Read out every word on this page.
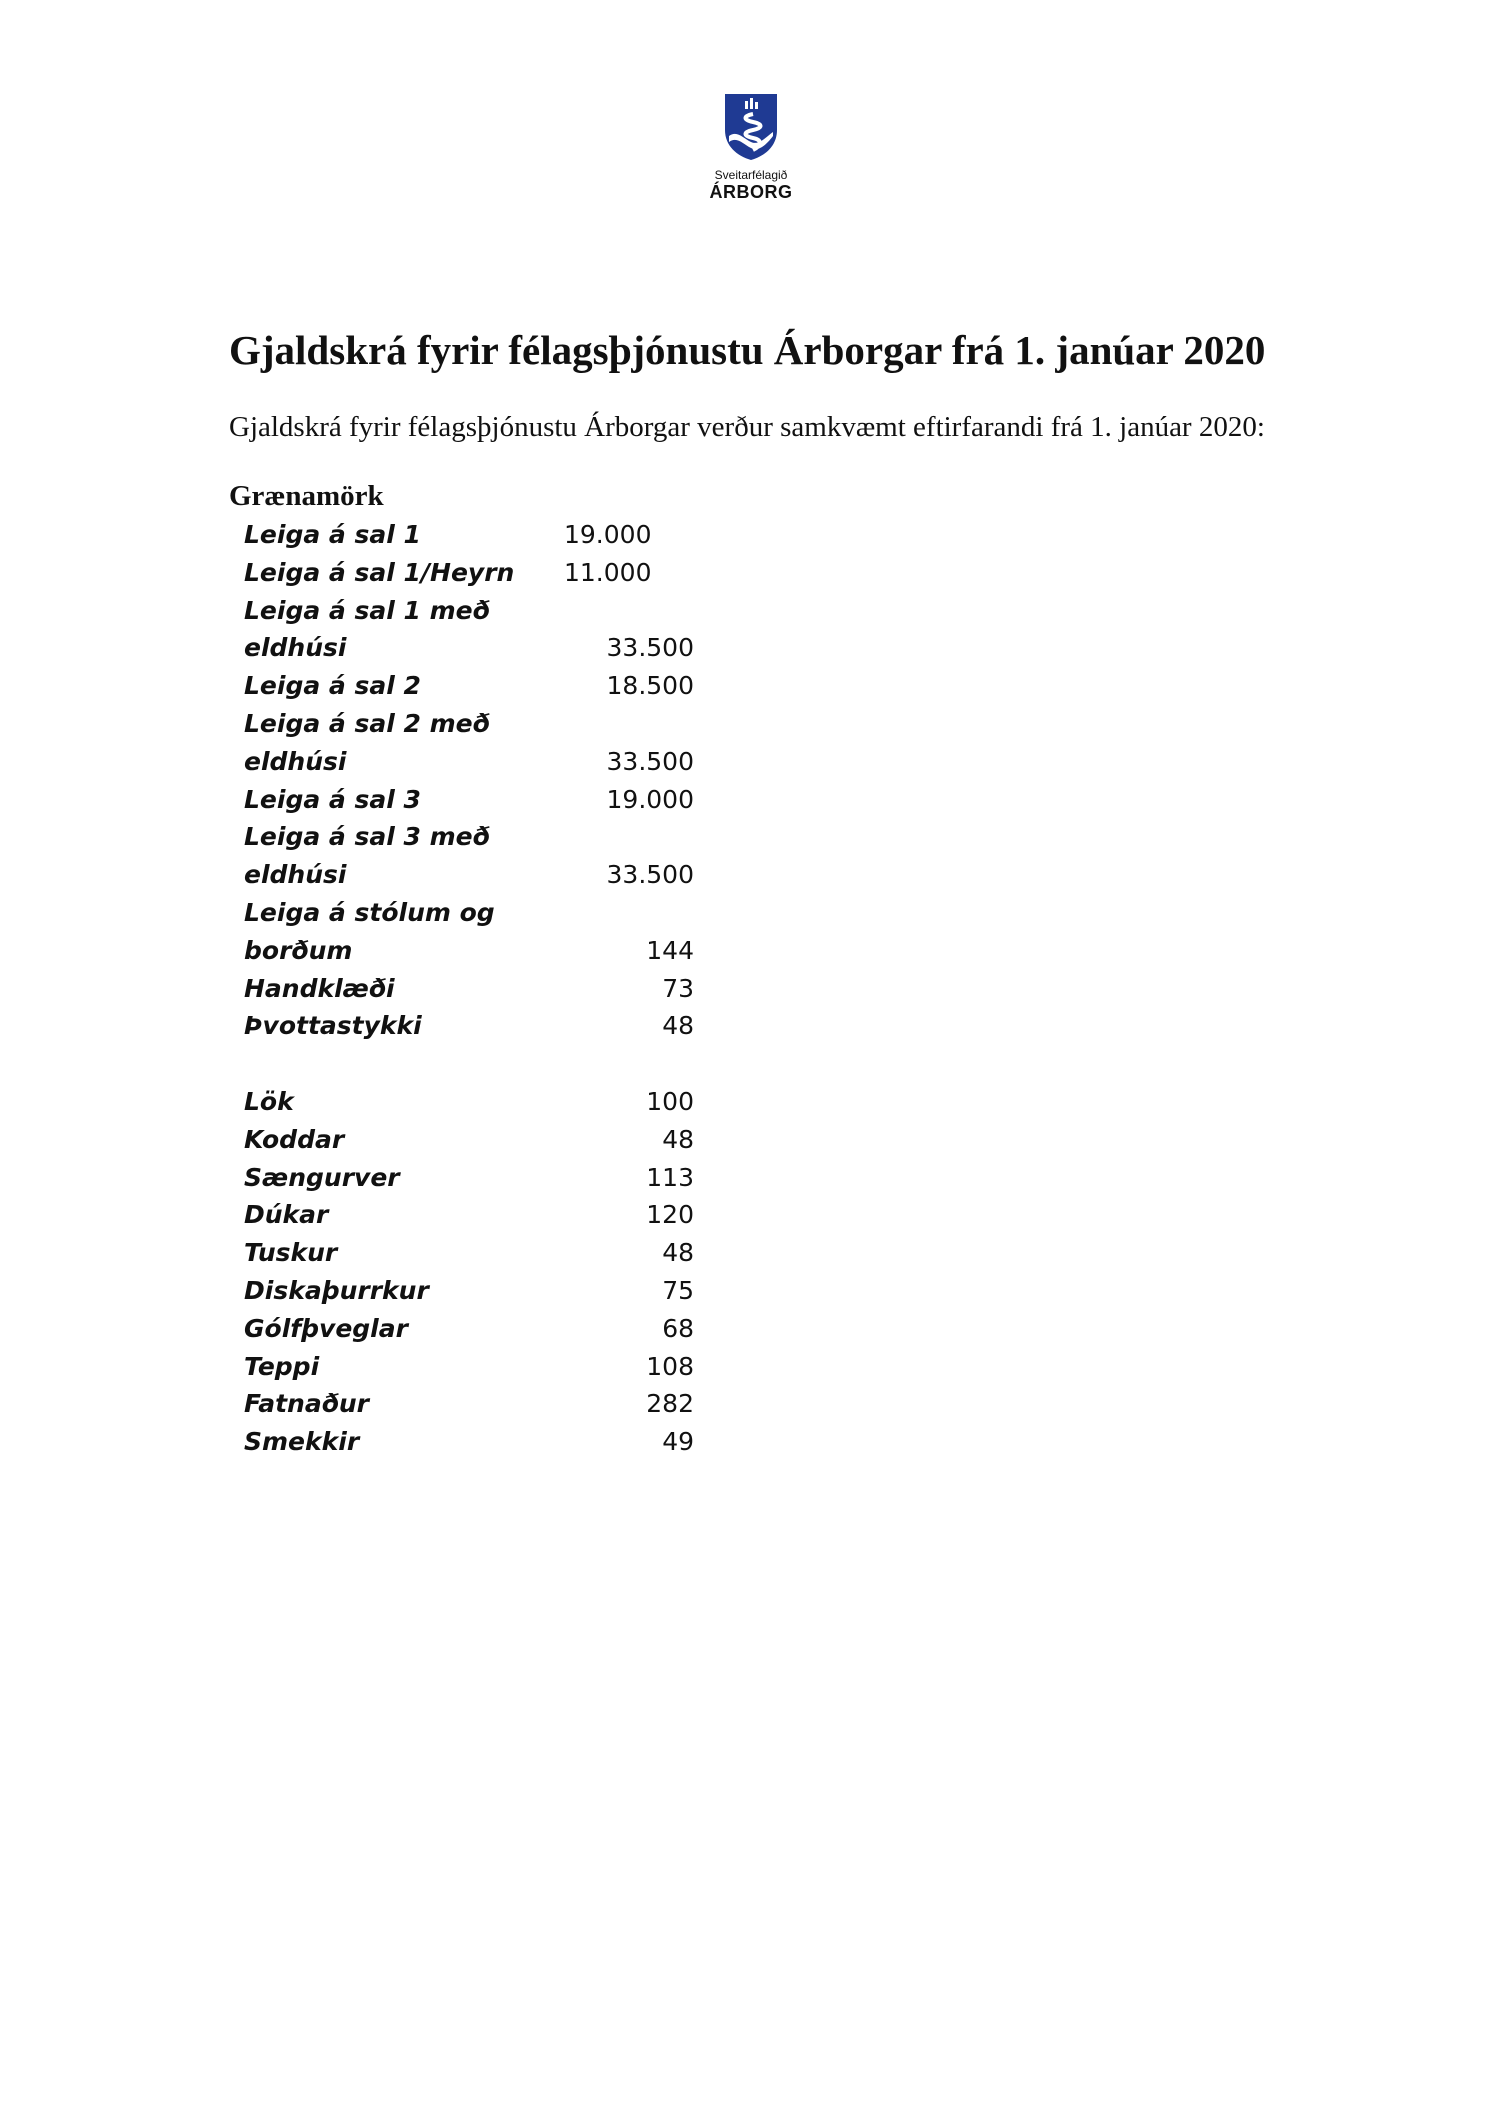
Sveitarfélagið
ÁRBORG
Gjaldskrá fyrir félagsþjónustu Árborgar frá 1. janúar 2020

Gjaldskrá fyrir félagsþjónustu Árborgar verður samkvæmt eftirfarandi frá 1. janúar 2020:

Grænamörk
Leiga á sal 1	19.000
Leiga á sal 1/Heyrn	11.000
Leiga á sal 1 með
eldhúsi	33.500
Leiga á sal 2	18.500
Leiga á sal 2 með
eldhúsi	33.500
Leiga á sal 3	19.000
Leiga á sal 3 með
eldhúsi	33.500
Leiga á stólum og
borðum	144
Handklæði	73
Þvottastykki	48
Lök	100
Koddar	48
Sængurver	113
Dúkar	120
Tuskur	48
Diskaþurrkur	75
Gólfþveglar	68
Teppi	108
Fatnaður	282
Smekkir	49
